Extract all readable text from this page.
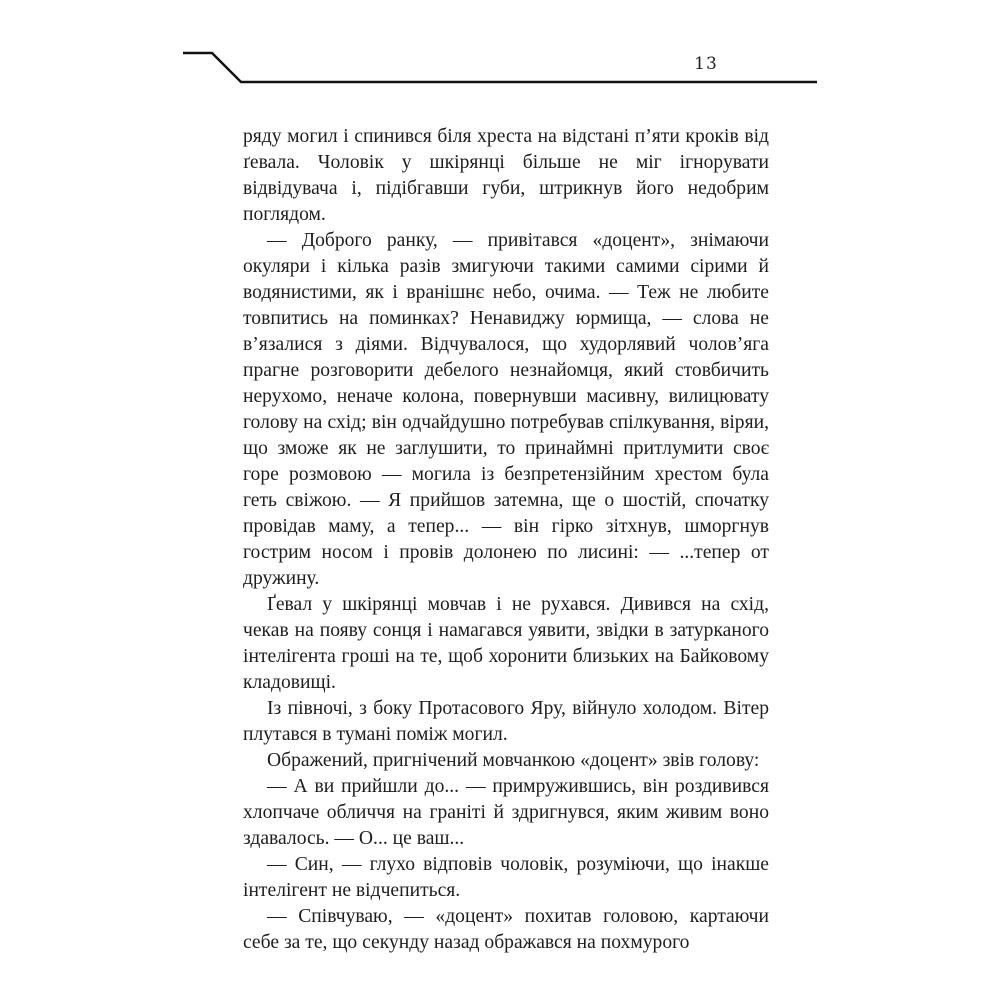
13

ряду могил і спинився біля хреста на відстані п’яти кроків від ґевала. Чоловік у шкірянці більше не міг ігнорувати відвідувача і, підібгавши губи, штрикнув його недобрим поглядом.

— Доброго ранку, — привітався «доцент», знімаючи окуляри і кілька разів змигуючи такими самими сірими й водянистими, як і вранішнє небо, очима. — Теж не любите товпитись на поминках? Ненавиджу юрмища, — слова не в’язалися з діями. Відчувалося, що худорлявий чолов’яга прагне розговорити дебелого незнайомця, який стовбичить нерухомо, неначе колона, повернувши масивну, вилицювату голову на схід; він одчайдушно потребував спілкування, віряи, що зможе як не заглушити, то принаймні притлумити своє горе розмовою — могила із безпретензійним хрестом була геть свіжою. — Я прийшов затемна, ще о шостій, спочатку провідав маму, а тепер... — він гірко зітхнув, шморгнув гострим носом і провів долонею по лисині: — ...тепер от дружину.

Ґевал у шкірянці мовчав і не рухався. Дивився на схід, чекав на появу сонця і намагався уявити, звідки в затурканого інтелігента гроші на те, щоб хоронити близьких на Байковому кладовищі.

Із півночі, з боку Протасового Яру, війнуло холодом. Вітер плутався в тумані поміж могил.

Ображений, пригнічений мовчанкою «доцент» звів голову:

— А ви прийшли до... — примружившись, він роздивився хлопчаче обличчя на граніті й здригнувся, яким живим воно здавалось. — О... це ваш...

— Син, — глухо відповів чоловік, розуміючи, що інакше інтелігент не відчепиться.

— Співчуваю, — «доцент» похитав головою, картаючи себе за те, що секунду назад ображався на похмурого
